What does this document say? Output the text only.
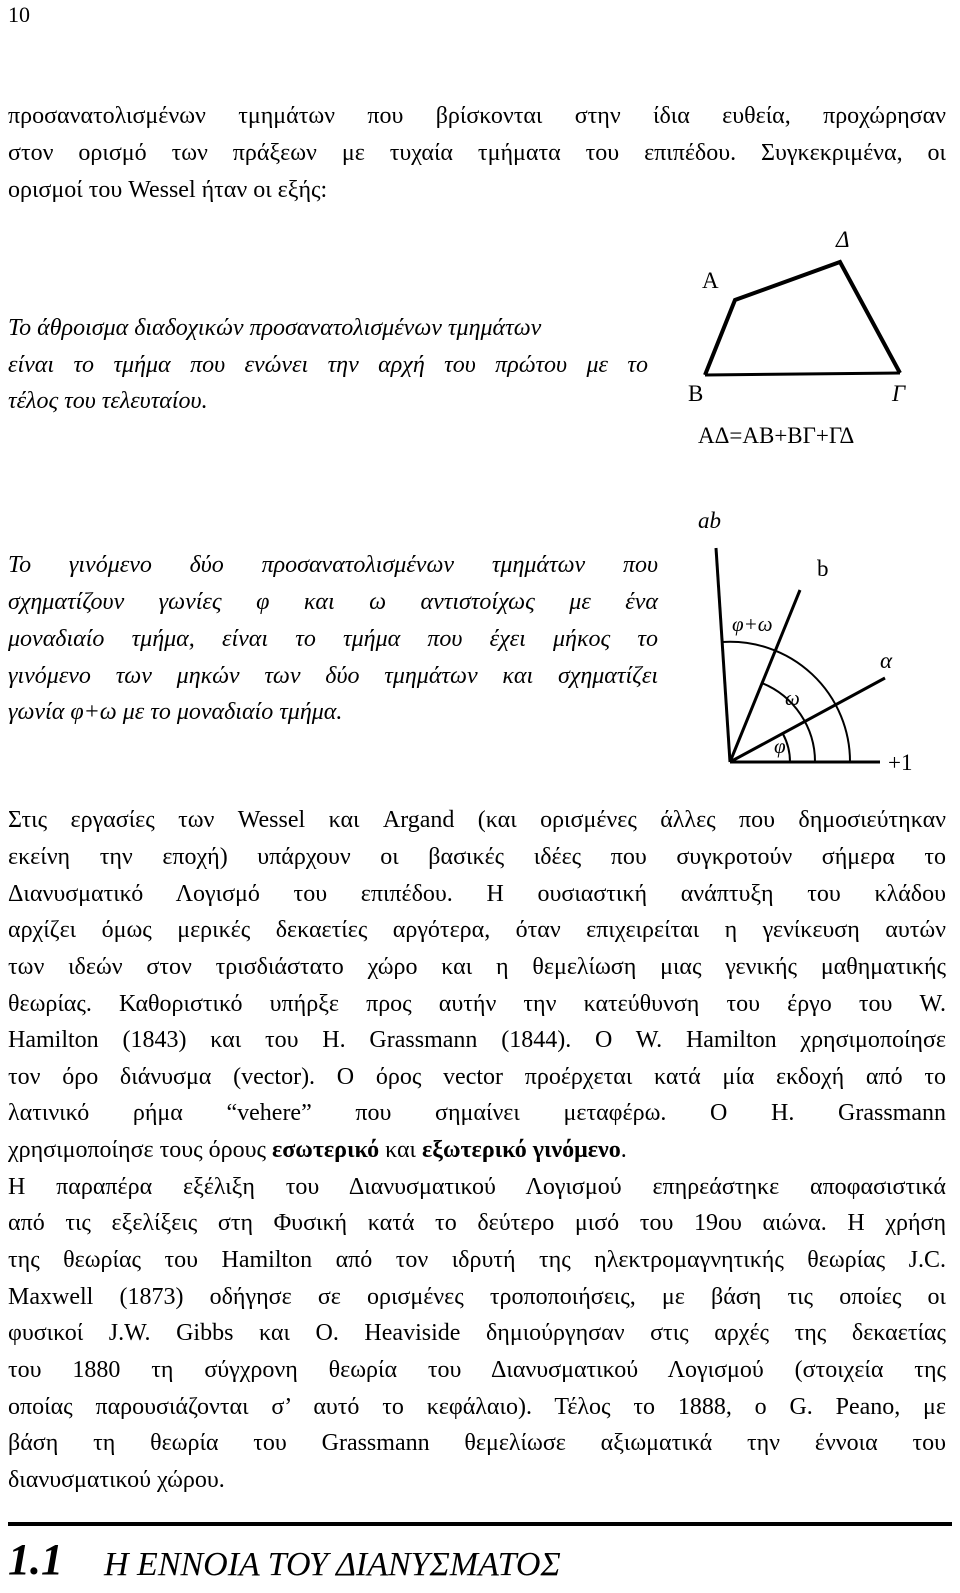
10
προσανατολισμένων τμημάτων που βρίσκονται στην ίδια ευθεία, προχώρησαν
στον ορισμό των πράξεων με τυχαία τμήματα του επιπέδου. Συγκεκριμένα, οι
ορισμοί του Wessel ήταν οι εξής:
Το άθροισμα διαδοχικών προσανατολισμένων τμημάτων
είναι το τμήμα που ενώνει την αρχή του πρώτου με το
τέλος του τελευταίου.
A
Δ
B	Γ
ΑΔ=ΑΒ+ΒΓ+ΓΔ
Το γινόμενο δύο προσανατολισμένων τμημάτων που
σχηματίζουν γωνίες φ και ω αντιστοίχως με ένα
μοναδιαίο τμήμα, είναι το τμήμα που έχει μήκος το
γινόμενο των μηκών των δύο τμημάτων και σχηματίζει
γωνία φ+ω με το μοναδιαίο τμήμα.
ab
b
φ+ω
α
ω
φ
+1
Στις εργασίες των Wessel και Argand (και ορισμένες άλλες που δημοσιεύτηκαν
εκείνη την εποχή) υπάρχουν οι βασικές ιδέες που συγκροτούν σήμερα το
Διανυσματικό Λογισμό του επιπέδου. Η ουσιαστική ανάπτυξη του κλάδου
αρχίζει όμως μερικές δεκαετίες αργότερα, όταν επιχειρείται η γενίκευση αυτών
των ιδεών στον τρισδιάστατο χώρο και η θεμελίωση μιας γενικής μαθηματικής
θεωρίας. Καθοριστικό υπήρξε προς αυτήν την κατεύθυνση του έργο του W.
Hamilton (1843) και του H. Grassmann (1844). O W. Hamilton χρησιμοποίησε
τον όρο διάνυσμα (vector). Ο όρος vector προέρχεται κατά μία εκδοχή από το
λατινικό ρήμα “vehere” που σημαίνει μεταφέρω. Ο H. Grassmann
χρησιμοποίησε τους όρους εσωτερικό και εξωτερικό γινόμενο.
Η παραπέρα εξέλιξη του Διανυσματικού Λογισμού επηρεάστηκε αποφασιστικά
από τις εξελίξεις στη Φυσική κατά το δεύτερο μισό του 19ου αιώνα. Η χρήση
της θεωρίας του Hamilton από τον ιδρυτή της ηλεκτρομαγνητικής θεωρίας J.C.
Maxwell (1873) οδήγησε σε ορισμένες τροποποιήσεις, με βάση τις οποίες οι
φυσικοί J.W. Gibbs και O. Heaviside δημιούργησαν στις αρχές της δεκαετίας
του 1880 τη σύγχρονη θεωρία του Διανυσματικού Λογισμού (στοιχεία της
οποίας παρουσιάζονται σ’ αυτό το κεφάλαιο). Τέλος το 1888, ο G. Peano, με
βάση τη θεωρία του Grassmann θεμελίωσε αξιωματικά την έννοια του
διανυσματικού χώρου.
1.1 Η ΕΝΝΟΙΑ ΤΟΥ ΔΙΑΝΥΣΜΑΤΟΣ
